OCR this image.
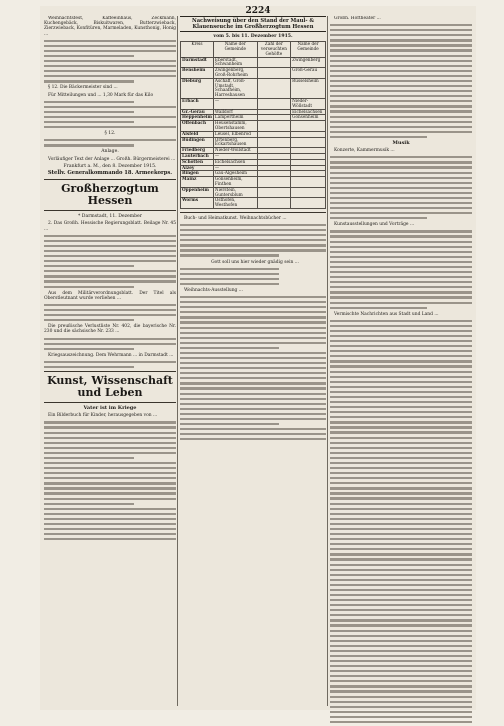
2224

Weihnachtsfest, Kaffeeinhaus, Zeckmann, Kuchengebäck, Biskuitwaren, Butterzwieback, Zierzwieback, Konfitüren, Marmeladen, Kunsthonig, Honig ...

§ 12. Die Bäckermeister sind ...

Für Mitteilungen und ... 1,30 Mark für das Kilo

§ 12.
Anlage.

Vorläufiger Text der Anlage ... Großh. Bürgermeisterei ...

Frankfurt a. M., den 8. Dezember 1915.
Stellv. Generalkommando 18. Armeekorps.
Großherzogtum Hessen
* Darmstadt, 11. Dezember

2. Das Großh. Hessische Regierungsblatt. Beilage Nr. 45 ...

Aus dem Militärverordnungsblatt. Der Titel als Oberstleutnant wurde verliehen ...

Die preußische Verlustliste Nr. 402, die bayerische Nr. 230 und die sächsische Nr. 233 ...

Kriegsauszeichnung. Dem Wehrmann ... in Darmstadt ...

Kunst, Wissenschaft und Leben
Vater ist im Kriege

Ein Bilderbuch für Kinder, herausgegeben von ...

Nachweisung über den Stand der Maul- & Klauenseuche im Großherzogtum Hessen
vom 5. bis 11. Dezember 1915.
Kreis	Name der Gemeinde	Zahl der verseuchten Gehöfte	Name der Gemeinde
Darmstadt	Eberstadt, Schwanheim		Zwingenberg
Bensheim	Zwingenberg, Groß-Rohrheim		Groß-Gerau
Dieburg	Aschaff, Groß-Umstadt, Schaafheim, Harreshausen		Rüsselsheim
Erbach	—		Nieder-Wöllstadt
Gr.-Gerau	Walldorf		Eichelsachsen
Heppenheim	Lampertheim		Gonsenheim
Offenbach	Heusenstamm, Obertshausen		
Alsfeld	Leusel, Elbenrod		
Büdingen	Ortenberg, Eckartshausen		
Friedberg	Nieder-Wöllstadt		
Lauterbach	—		
Schotten	Eichelsachsen		
Alzey	—		
Bingen	Gau-Algesheim		
Mainz	Gonsenheim, Finthen		
Oppenheim	Nierstein, Guntersblum		
Worms	Osthofen, Westhofen		

Buch- und Heimatkunst. Weihnachtsbücher ...

Gott soll uns hier wieder gnädig sein ...

Weihnachts-Ausstellung ...

Großh. Hoftheater ...

Musik

Konzerte, Kammermusik ...

Kunstausstellungen und Vorträge ...

Vermischte Nachrichten aus Stadt und Land ...
